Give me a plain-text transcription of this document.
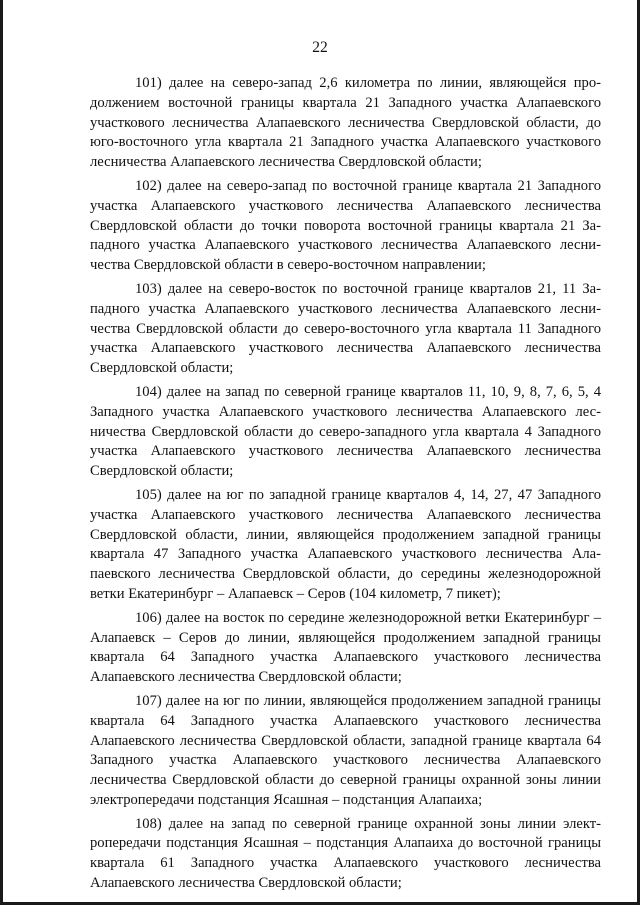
22

101) далее на северо-запад 2,6 километра по линии, являющейся продолжением восточной границы квартала 21 Западного участка Алапаевского участкового лесничества Алапаевского лесничества Свердловской области, до юго-восточного угла квартала 21 Западного участка Алапаевского участкового лесничества Алапаевского лесничества Свердловской области;

102) далее на северо-запад по восточной границе квартала 21 Западного участка Алапаевского участкового лесничества Алапаевского лесничества Свердловской области до точки поворота восточной границы квартала 21 Западного участка Алапаевского участкового лесничества Алапаевского лесничества Свердловской области в северо-восточном направлении;

103) далее на северо-восток по восточной границе кварталов 21, 11 Западного участка Алапаевского участкового лесничества Алапаевского лесничества Свердловской области до северо-восточного угла квартала 11 Западного участка Алапаевского участкового лесничества Алапаевского лесничества Свердловской области;

104) далее на запад по северной границе кварталов 11, 10, 9, 8, 7, 6, 5, 4 Западного участка Алапаевского участкового лесничества Алапаевского лесничества Свердловской области до северо-западного угла квартала 4 Западного участка Алапаевского участкового лесничества Алапаевского лесничества Свердловской области;

105) далее на юг по западной границе кварталов 4, 14, 27, 47 Западного участка Алапаевского участкового лесничества Алапаевского лесничества Свердловской области, линии, являющейся продолжением западной границы квартала 47 Западного участка Алапаевского участкового лесничества Алапаевского лесничества Свердловской области, до середины железнодорожной ветки Екатеринбург – Алапаевск – Серов (104 километр, 7 пикет);

106) далее на восток по середине железнодорожной ветки Екатеринбург – Алапаевск – Серов до линии, являющейся продолжением западной границы квартала 64 Западного участка Алапаевского участкового лесничества Алапаевского лесничества Свердловской области;

107) далее на юг по линии, являющейся продолжением западной границы квартала 64 Западного участка Алапаевского участкового лесничества Алапаевского лесничества Свердловской области, западной границе квартала 64 Западного участка Алапаевского участкового лесничества Алапаевского лесничества Свердловской области до северной границы охранной зоны линии электропередачи подстанция Ясашная – подстанция Алапаиха;

108) далее на запад по северной границе охранной зоны линии электропередачи подстанция Ясашная – подстанция Алапаиха до восточной границы квартала 61 Западного участка Алапаевского участкового лесничества Алапаевского лесничества Свердловской области;
